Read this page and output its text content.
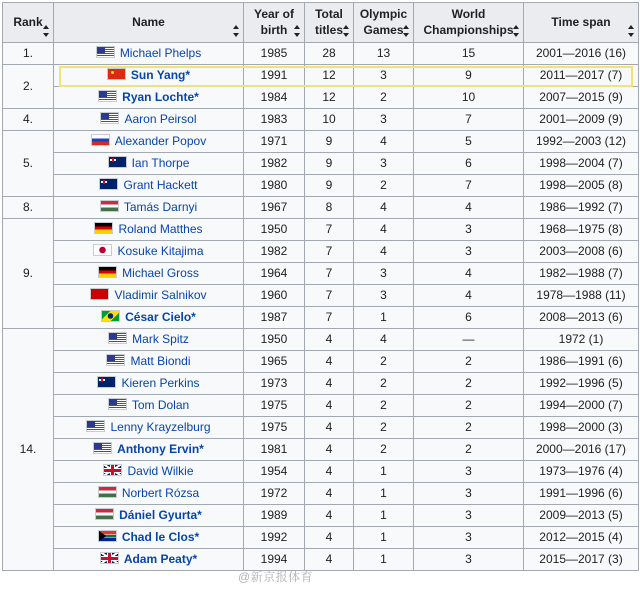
Rank	Name	Year of birth	Total titles	Olympic Games	World Championships	Time span

1.	Michael Phelps	1985	28	13	15	2001—2016 (16)
2.	Sun Yang*	1991	12	3	9	2011—2017 (7)
	Ryan Lochte*	1984	12	2	10	2007—2015 (9)
4.	Aaron Peirsol	1983	10	3	7	2001—2009 (9)
5.	Alexander Popov	1971	9	4	5	1992—2003 (12)
	Ian Thorpe	1982	9	3	6	1998—2004 (7)
	Grant Hackett	1980	9	2	7	1998—2005 (8)
8.	Tamás Darnyi	1967	8	4	4	1986—1992 (7)
9.	Roland Matthes	1950	7	4	3	1968—1975 (8)
	Kosuke Kitajima	1982	7	4	3	2003—2008 (6)
	Michael Gross	1964	7	3	4	1982—1988 (7)
	Vladimir Salnikov	1960	7	3	4	1978—1988 (11)
	César Cielo*	1987	7	1	6	2008—2013 (6)
14.	Mark Spitz	1950	4	4	—	1972 (1)
	Matt Biondi	1965	4	2	2	1986—1991 (6)
	Kieren Perkins	1973	4	2	2	1992—1996 (5)
	Tom Dolan	1975	4	2	2	1994—2000 (7)
	Lenny Krayzelburg	1975	4	2	2	1998—2000 (3)
	Anthony Ervin*	1981	4	2	2	2000—2016 (17)
	David Wilkie	1954	4	1	3	1973—1976 (4)
	Norbert Rózsa	1972	4	1	3	1991—1996 (6)
	Dániel Gyurta*	1989	4	1	3	2009—2013 (5)
	Chad le Clos*	1992	4	1	3	2012—2015 (4)
	Adam Peaty*	1994	4	1	3	2015—2017 (3)
@新京报体育
